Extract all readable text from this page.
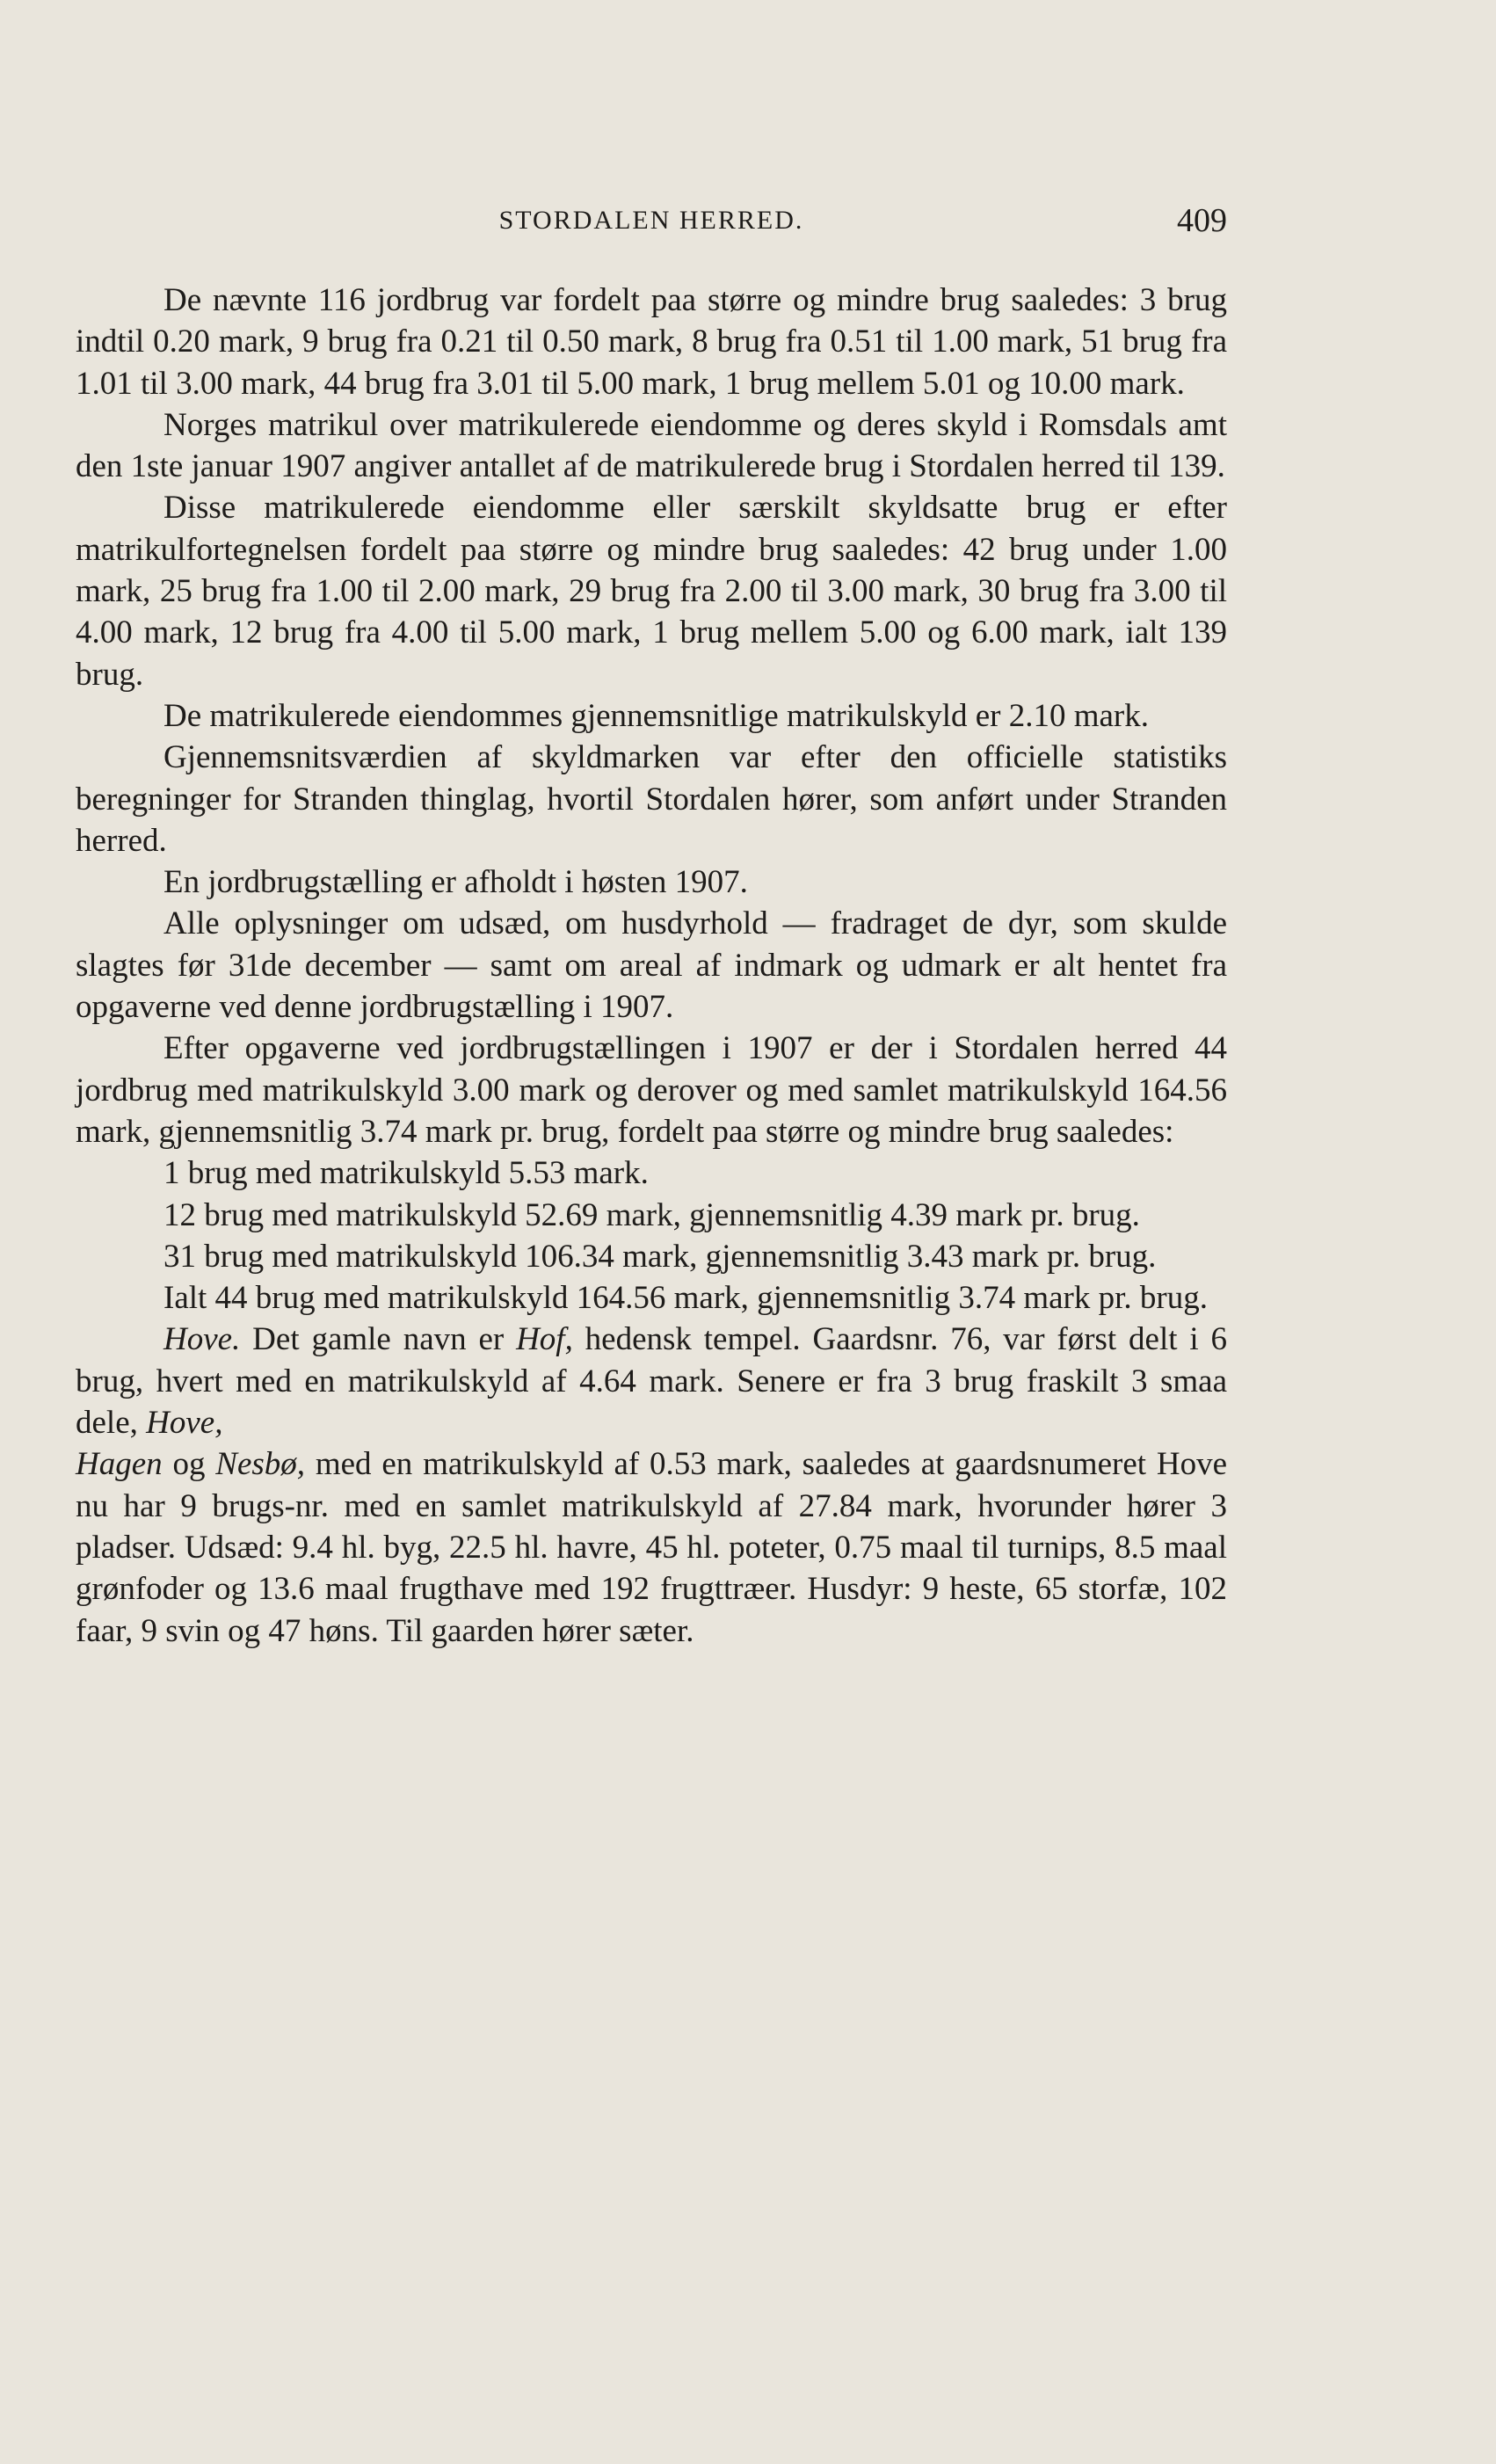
STORDALEN HERRED.	409

De nævnte 116 jordbrug var fordelt paa større og mindre brug saaledes: 3 brug indtil 0.20 mark, 9 brug fra 0.21 til 0.50 mark, 8 brug fra 0.51 til 1.00 mark, 51 brug fra 1.01 til 3.00 mark, 44 brug fra 3.01 til 5.00 mark, 1 brug mellem 5.01 og 10.00 mark.

Norges matrikul over matrikulerede eiendomme og deres skyld i Romsdals amt den 1ste januar 1907 angiver antallet af de matrikulerede brug i Stordalen herred til 139.

Disse matrikulerede eiendomme eller særskilt skyldsatte brug er efter matrikulfortegnelsen fordelt paa større og mindre brug saaledes: 42 brug under 1.00 mark, 25 brug fra 1.00 til 2.00 mark, 29 brug fra 2.00 til 3.00 mark, 30 brug fra 3.00 til 4.00 mark, 12 brug fra 4.00 til 5.00 mark, 1 brug mellem 5.00 og 6.00 mark, ialt 139 brug.

De matrikulerede eiendommes gjennemsnitlige matrikulskyld er 2.10 mark.

Gjennemsnitsværdien af skyldmarken var efter den officielle statistiks beregninger for Stranden thinglag, hvortil Stordalen hører, som anført under Stranden herred.

En jordbrugstælling er afholdt i høsten 1907.

Alle oplysninger om udsæd, om husdyrhold — fradraget de dyr, som skulde slagtes før 31de december — samt om areal af indmark og udmark er alt hentet fra opgaverne ved denne jordbrugstælling i 1907.

Efter opgaverne ved jordbrugstællingen i 1907 er der i Stordalen herred 44 jordbrug med matrikulskyld 3.00 mark og derover og med samlet matrikulskyld 164.56 mark, gjennemsnitlig 3.74 mark pr. brug, fordelt paa større og mindre brug saaledes:

1 brug med matrikulskyld 5.53 mark.

12 brug med matrikulskyld 52.69 mark, gjennemsnitlig 4.39 mark pr. brug.

31 brug med matrikulskyld 106.34 mark, gjennemsnitlig 3.43 mark pr. brug.

Ialt 44 brug med matrikulskyld 164.56 mark, gjennemsnitlig 3.74 mark pr. brug.

Hove. Det gamle navn er Hof, hedensk tempel. Gaardsnr. 76, var først delt i 6 brug, hvert med en matrikulskyld af 4.64 mark. Senere er fra 3 brug fraskilt 3 smaa dele, Hove,
Hagen og Nesbø, med en matrikulskyld af 0.53 mark, saaledes at gaardsnumeret Hove nu har 9 brugs-nr. med en samlet matrikulskyld af 27.84 mark, hvorunder hører 3 pladser. Udsæd: 9.4 hl. byg, 22.5 hl. havre, 45 hl. poteter, 0.75 maal til turnips, 8.5 maal grønfoder og 13.6 maal frugthave med 192 frugttræer. Husdyr: 9 heste, 65 storfæ, 102 faar, 9 svin og 47 høns. Til gaarden hører sæter.
